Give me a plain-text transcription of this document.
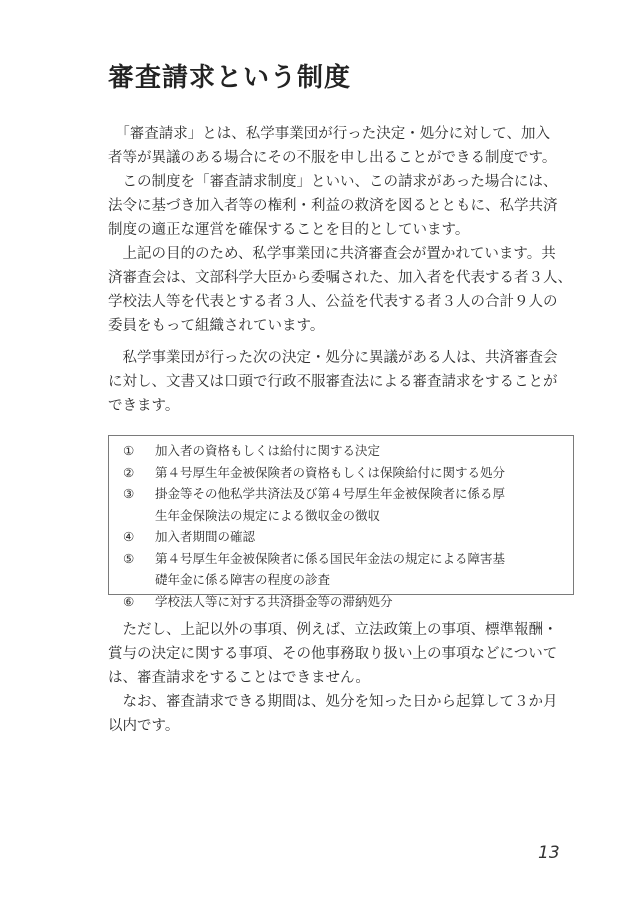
審査請求という制度

　「審査請求」とは、私学事業団が行った決定・処分に対して、加入
者等が異議のある場合にその不服を申し出ることができる制度です。

　この制度を「審査請求制度」といい、この請求があった場合には、
法令に基づき加入者等の権利・利益の救済を図るとともに、私学共済
制度の適正な運営を確保することを目的としています。

　上記の目的のため、私学事業団に共済審査会が置かれています。共
済審査会は、文部科学大臣から委嘱された、加入者を代表する者３人、
学校法人等を代表とする者３人、公益を代表する者３人の合計９人の
委員をもって組織されています。

　私学事業団が行った次の決定・処分に異議がある人は、共済審査会
に対し、文書又は口頭で行政不服審査法による審査請求をすることが
できます。

①	加入者の資格もしくは給付に関する決定
②	第４号厚生年金被保険者の資格もしくは保険給付に関する処分
③	掛金等その他私学共済法及び第４号厚生年金被保険者に係る厚
生年金保険法の規定による徴収金の徴収
④	加入者期間の確認
⑤	第４号厚生年金被保険者に係る国民年金法の規定による障害基
礎年金に係る障害の程度の診査
⑥	学校法人等に対する共済掛金等の滞納処分

　ただし、上記以外の事項、例えば、立法政策上の事項、標準報酬・
賞与の決定に関する事項、その他事務取り扱い上の事項などについて
は、審査請求をすることはできません。

　なお、審査請求できる期間は、処分を知った日から起算して３か月
以内です。

13
